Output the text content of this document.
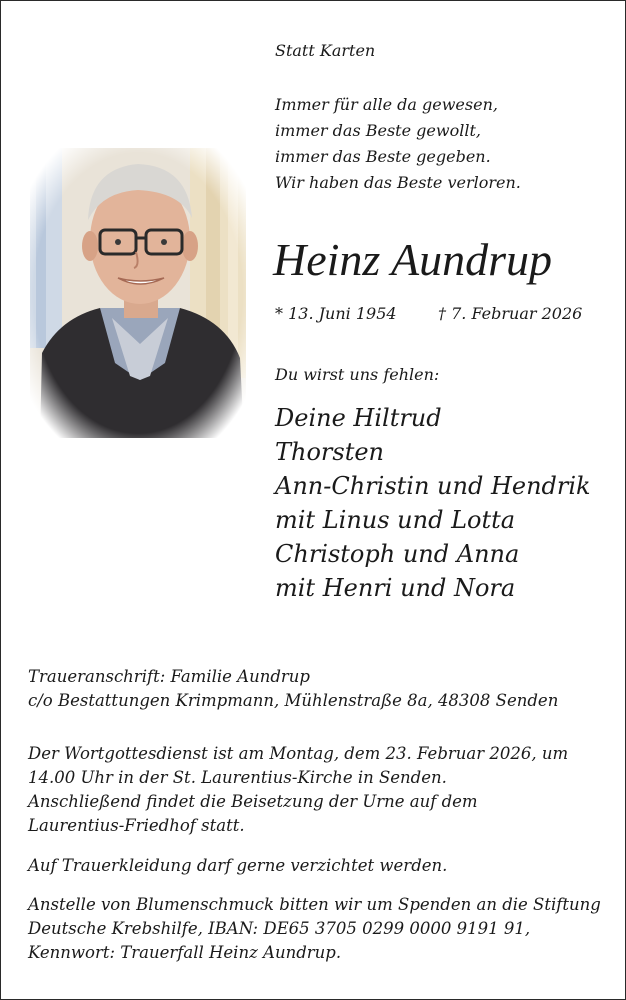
Statt Karten
Immer für alle da gewesen,
immer das Beste gewollt,
immer das Beste gegeben.
Wir haben das Beste verloren.
Heinz Aundrup
* 13. Juni 1954	† 7. Februar 2026
Du wirst uns fehlen:
Deine Hiltrud
Thorsten
Ann-Christin und Hendrik
mit Linus und Lotta
Christoph und Anna
mit Henri und Nora
Traueranschrift: Familie Aundrup
c/o Bestattungen Krimpmann, Mühlenstraße 8a, 48308 Senden
Der Wortgottesdienst ist am Montag, dem 23. Februar 2026, um
14.00 Uhr in der St. Laurentius-Kirche in Senden.
Anschließend findet die Beisetzung der Urne auf dem
Laurentius-Friedhof statt.
Auf Trauerkleidung darf gerne verzichtet werden.
Anstelle von Blumenschmuck bitten wir um Spenden an die Stiftung
Deutsche Krebshilfe, IBAN: DE65 3705 0299 0000 9191 91,
Kennwort: Trauerfall Heinz Aundrup.
